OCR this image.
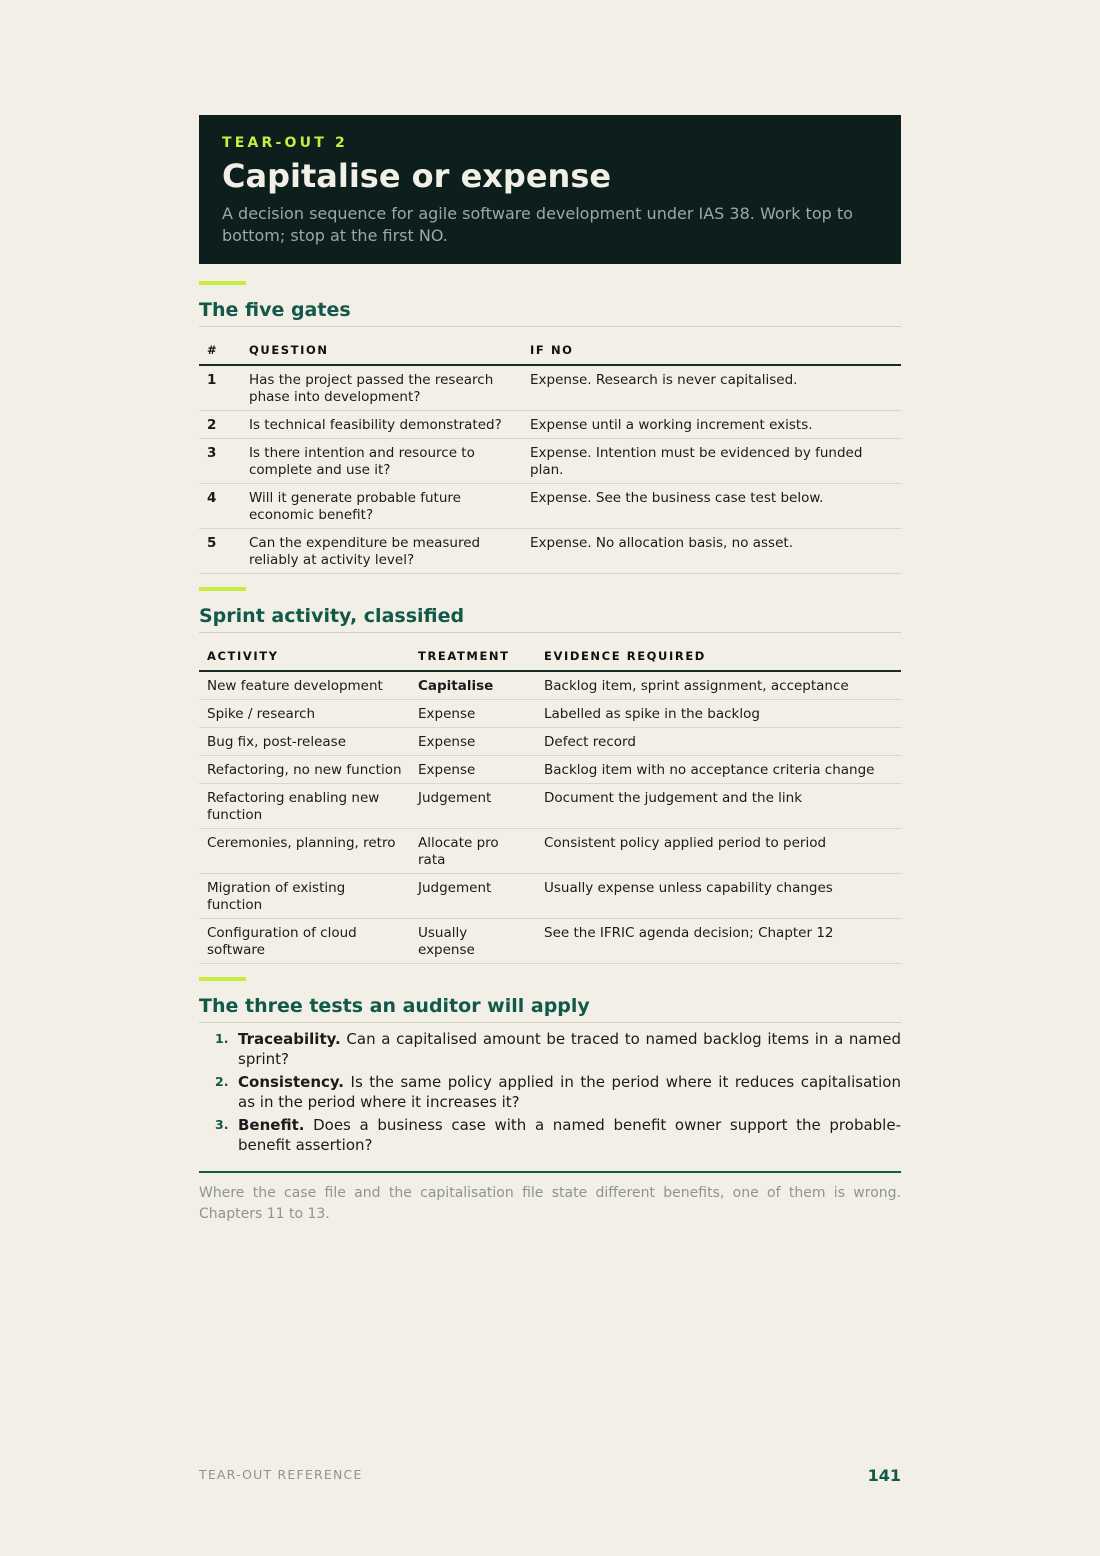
TEAR-OUT 2
Capitalise or expense

A decision sequence for agile software development under IAS 38. Work top to bottom; stop at the first NO.

The five gates
#	QUESTION	IF NO
1	Has the project passed the research phase into development?	Expense. Research is never capitalised.
2	Is technical feasibility demonstrated?	Expense until a working increment exists.
3	Is there intention and resource to complete and use it?	Expense. Intention must be evidenced by funded plan.
4	Will it generate probable future economic benefit?	Expense. See the business case test below.
5	Can the expenditure be measured reliably at activity level?	Expense. No allocation basis, no asset.
Sprint activity, classified
ACTIVITY	TREATMENT	EVIDENCE REQUIRED
New feature development	Capitalise	Backlog item, sprint assignment, acceptance
Spike / research	Expense	Labelled as spike in the backlog
Bug fix, post-release	Expense	Defect record
Refactoring, no new function	Expense	Backlog item with no acceptance criteria change
Refactoring enabling new function	Judgement	Document the judgement and the link
Ceremonies, planning, retro	Allocate pro rata	Consistent policy applied period to period
Migration of existing function	Judgement	Usually expense unless capability changes
Configuration of cloud software	Usually expense	See the IFRIC agenda decision; Chapter 12
The three tests an auditor will apply
1. Traceability. Can a capitalised amount be traced to named backlog items in a named sprint?
2. Consistency. Is the same policy applied in the period where it reduces capitalisation as in the period where it increases it?
3. Benefit. Does a business case with a named benefit owner support the probable-benefit assertion?

Where the case file and the capitalisation file state different benefits, one of them is wrong. Chapters 11 to 13.

TEAR-OUT REFERENCE	141
